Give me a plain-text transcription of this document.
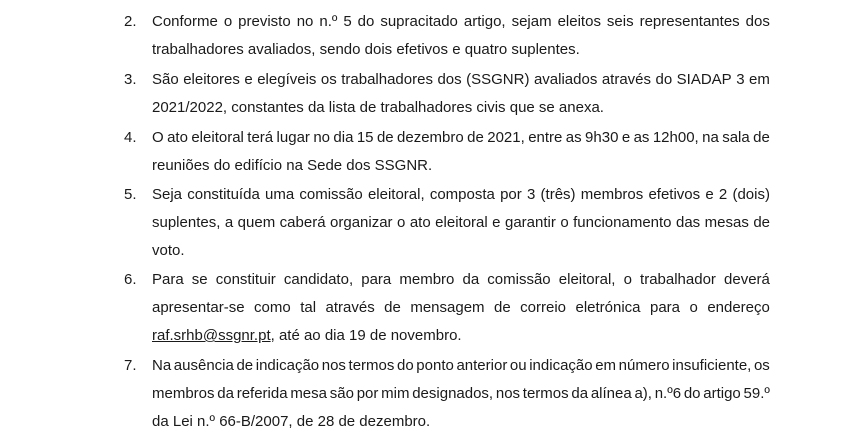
2.	Conforme o previsto no n.º 5 do supracitado artigo, sejam eleitos seis representantes dos
trabalhadores avaliados, sendo dois efetivos e quatro suplentes.
3.	São eleitores e elegíveis os trabalhadores dos (SSGNR) avaliados através do SIADAP 3 em
2021/2022, constantes da lista de trabalhadores civis que se anexa.
4.	O ato eleitoral terá lugar no dia 15 de dezembro de 2021, entre as 9h30 e as 12h00, na sala de
reuniões do edifício na Sede dos SSGNR.
5.	Seja constituída uma comissão eleitoral, composta por 3 (três) membros efetivos e 2 (dois)
suplentes, a quem caberá organizar o ato eleitoral e garantir o funcionamento das mesas de
voto.
6.	Para se constituir candidato, para membro da comissão eleitoral, o trabalhador deverá
apresentar-se como tal através de mensagem de correio eletrónica para o endereço
raf.srhb@ssgnr.pt, até ao dia 19 de novembro.
7.	Na ausência de indicação nos termos do ponto anterior ou indicação em número insuficiente, os
membros da referida mesa são por mim designados, nos termos da alínea a), n.º6 do artigo 59.º
da Lei n.º 66-B/2007, de 28 de dezembro.
